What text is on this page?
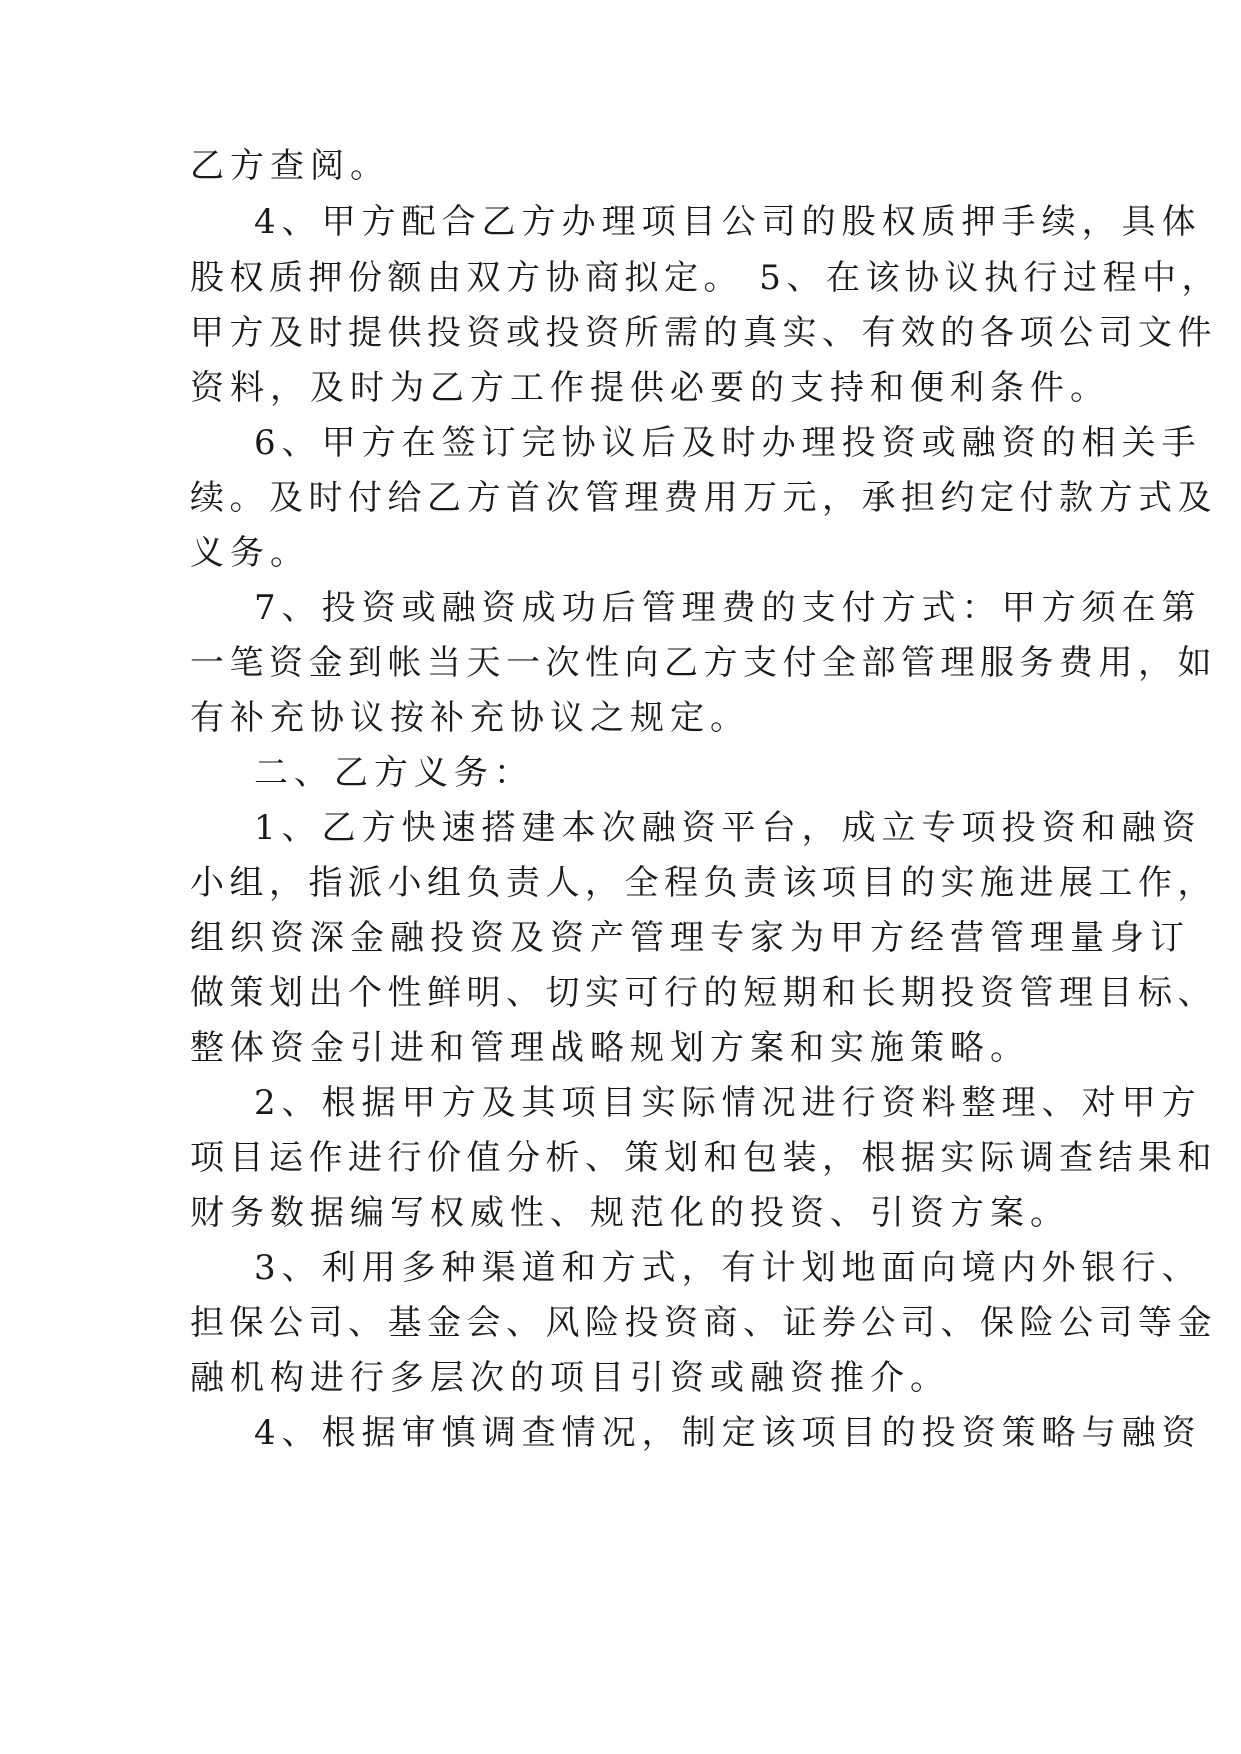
乙方查阅。

4、甲方配合乙方办理项目公司的股权质押手续，具体

股权质押份额由双方协商拟定。 5、在该协议执行过程中，

甲方及时提供投资或投资所需的真实、有效的各项公司文件

资料，及时为乙方工作提供必要的支持和便利条件。

6、甲方在签订完协议后及时办理投资或融资的相关手

续。及时付给乙方首次管理费用万元，承担约定付款方式及

义务。

7、投资或融资成功后管理费的支付方式：甲方须在第

一笔资金到帐当天一次性向乙方支付全部管理服务费用，如

有补充协议按补充协议之规定。

二、乙方义务：

1、乙方快速搭建本次融资平台，成立专项投资和融资

小组，指派小组负责人，全程负责该项目的实施进展工作，

组织资深金融投资及资产管理专家为甲方经营管理量身订

做策划出个性鲜明、切实可行的短期和长期投资管理目标、

整体资金引进和管理战略规划方案和实施策略。

2、根据甲方及其项目实际情况进行资料整理、对甲方

项目运作进行价值分析、策划和包装，根据实际调查结果和

财务数据编写权威性、规范化的投资、引资方案。

3、利用多种渠道和方式，有计划地面向境内外银行、

担保公司、基金会、风险投资商、证券公司、保险公司等金

融机构进行多层次的项目引资或融资推介。

4、根据审慎调查情况，制定该项目的投资策略与融资
